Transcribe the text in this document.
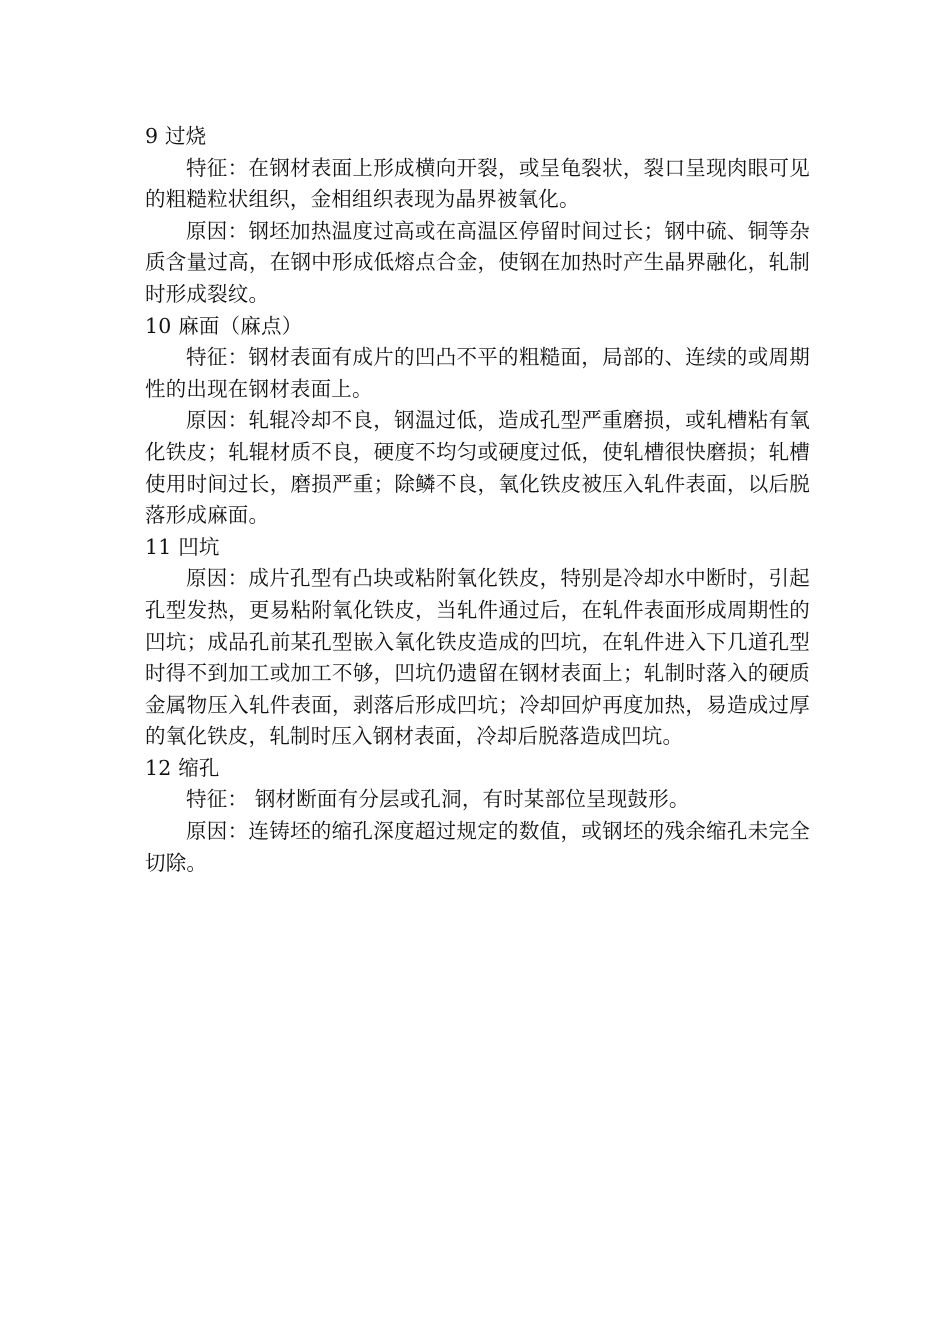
9 过烧

特征：在钢材表面上形成横向开裂，或呈龟裂状，裂口呈现肉眼可见的粗糙粒状组织，金相组织表现为晶界被氧化。

原因：钢坯加热温度过高或在高温区停留时间过长；钢中硫、铜等杂质含量过高，在钢中形成低熔点合金，使钢在加热时产生晶界融化，轧制时形成裂纹。

10 麻面（麻点）

特征：钢材表面有成片的凹凸不平的粗糙面，局部的、连续的或周期性的出现在钢材表面上。

原因：轧辊冷却不良，钢温过低，造成孔型严重磨损，或轧槽粘有氧化铁皮；轧辊材质不良，硬度不均匀或硬度过低，使轧槽很快磨损；轧槽使用时间过长，磨损严重；除鳞不良，氧化铁皮被压入轧件表面，以后脱落形成麻面。

11 凹坑

原因：成片孔型有凸块或粘附氧化铁皮，特别是冷却水中断时，引起孔型发热，更易粘附氧化铁皮，当轧件通过后，在轧件表面形成周期性的凹坑；成品孔前某孔型嵌入氧化铁皮造成的凹坑，在轧件进入下几道孔型时得不到加工或加工不够，凹坑仍遗留在钢材表面上；轧制时落入的硬质金属物压入轧件表面，剥落后形成凹坑；冷却回炉再度加热，易造成过厚的氧化铁皮，轧制时压入钢材表面，冷却后脱落造成凹坑。

12 缩孔

特征： 钢材断面有分层或孔洞，有时某部位呈现鼓形。

原因：连铸坯的缩孔深度超过规定的数值，或钢坯的残余缩孔未完全切除。
